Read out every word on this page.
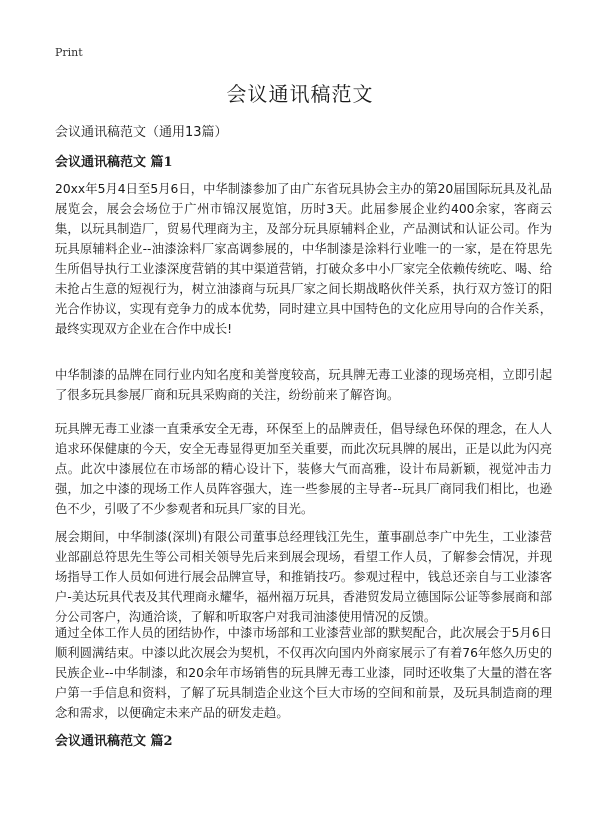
Print
会议通讯稿范文

会议通讯稿范文（通用13篇）

会议通讯稿范文 篇1

20xx年5月4日至5月6日，中华制漆参加了由广东省玩具协会主办的第20届国际玩具及礼品展览会，展会会场位于广州市锦汉展览馆，历时3天。此届参展企业约400余家，客商云集，以玩具制造厂，贸易代理商为主，及部分玩具原辅料企业，产品测试和认证公司。作为玩具原辅料企业--油漆涂料厂家高调参展的，中华制漆是涂料行业唯一的一家，是在符思先生所倡导执行工业漆深度营销的其中渠道营销，打破众多中小厂家完全依赖传统吃、喝、给未抢占生意的短视行为，树立油漆商与玩具厂家之间长期战略伙伴关系，执行双方签订的阳光合作协议，实现有竞争力的成本优势，同时建立具中国特色的文化应用导向的合作关系，最终实现双方企业在合作中成长!

中华制漆的品牌在同行业内知名度和美誉度较高，玩具牌无毒工业漆的现场亮相，立即引起了很多玩具参展厂商和玩具采购商的关注，纷纷前来了解咨询。

玩具牌无毒工业漆一直秉承安全无毒，环保至上的品牌责任，倡导绿色环保的理念，在人人追求环保健康的今天，安全无毒显得更加至关重要，而此次玩具牌的展出，正是以此为闪亮点。此次中漆展位在市场部的精心设计下，装修大气而高雅，设计布局新颖，视觉冲击力强，加之中漆的现场工作人员阵容强大，连一些参展的主导者--玩具厂商同我们相比，也逊色不少，引吸了不少参观者和玩具厂家的目光。

展会期间，中华制漆(深圳)有限公司董事总经理钱江先生，董事副总李广中先生，工业漆营业部副总符思先生等公司相关领导先后来到展会现场，看望工作人员，了解参会情况，并现场指导工作人员如何进行展会品牌宣导，和推销技巧。参观过程中，钱总还亲自与工业漆客户-美达玩具代表及其代理商永耀华，福州福万玩具，香港贸发局立德国际公证等参展商和部分公司客户，沟通洽谈，了解和听取客户对我司油漆使用情况的反馈。

通过全体工作人员的团结协作，中漆市场部和工业漆营业部的默契配合，此次展会于5月6日顺利圆满结束。中漆以此次展会为契机，不仅再次向国内外商家展示了有着76年悠久历史的民族企业--中华制漆，和20余年市场销售的玩具牌无毒工业漆，同时还收集了大量的潜在客户第一手信息和资料，了解了玩具制造企业这个巨大市场的空间和前景，及玩具制造商的理念和需求，以便确定未来产品的研发走趋。

会议通讯稿范文 篇2
